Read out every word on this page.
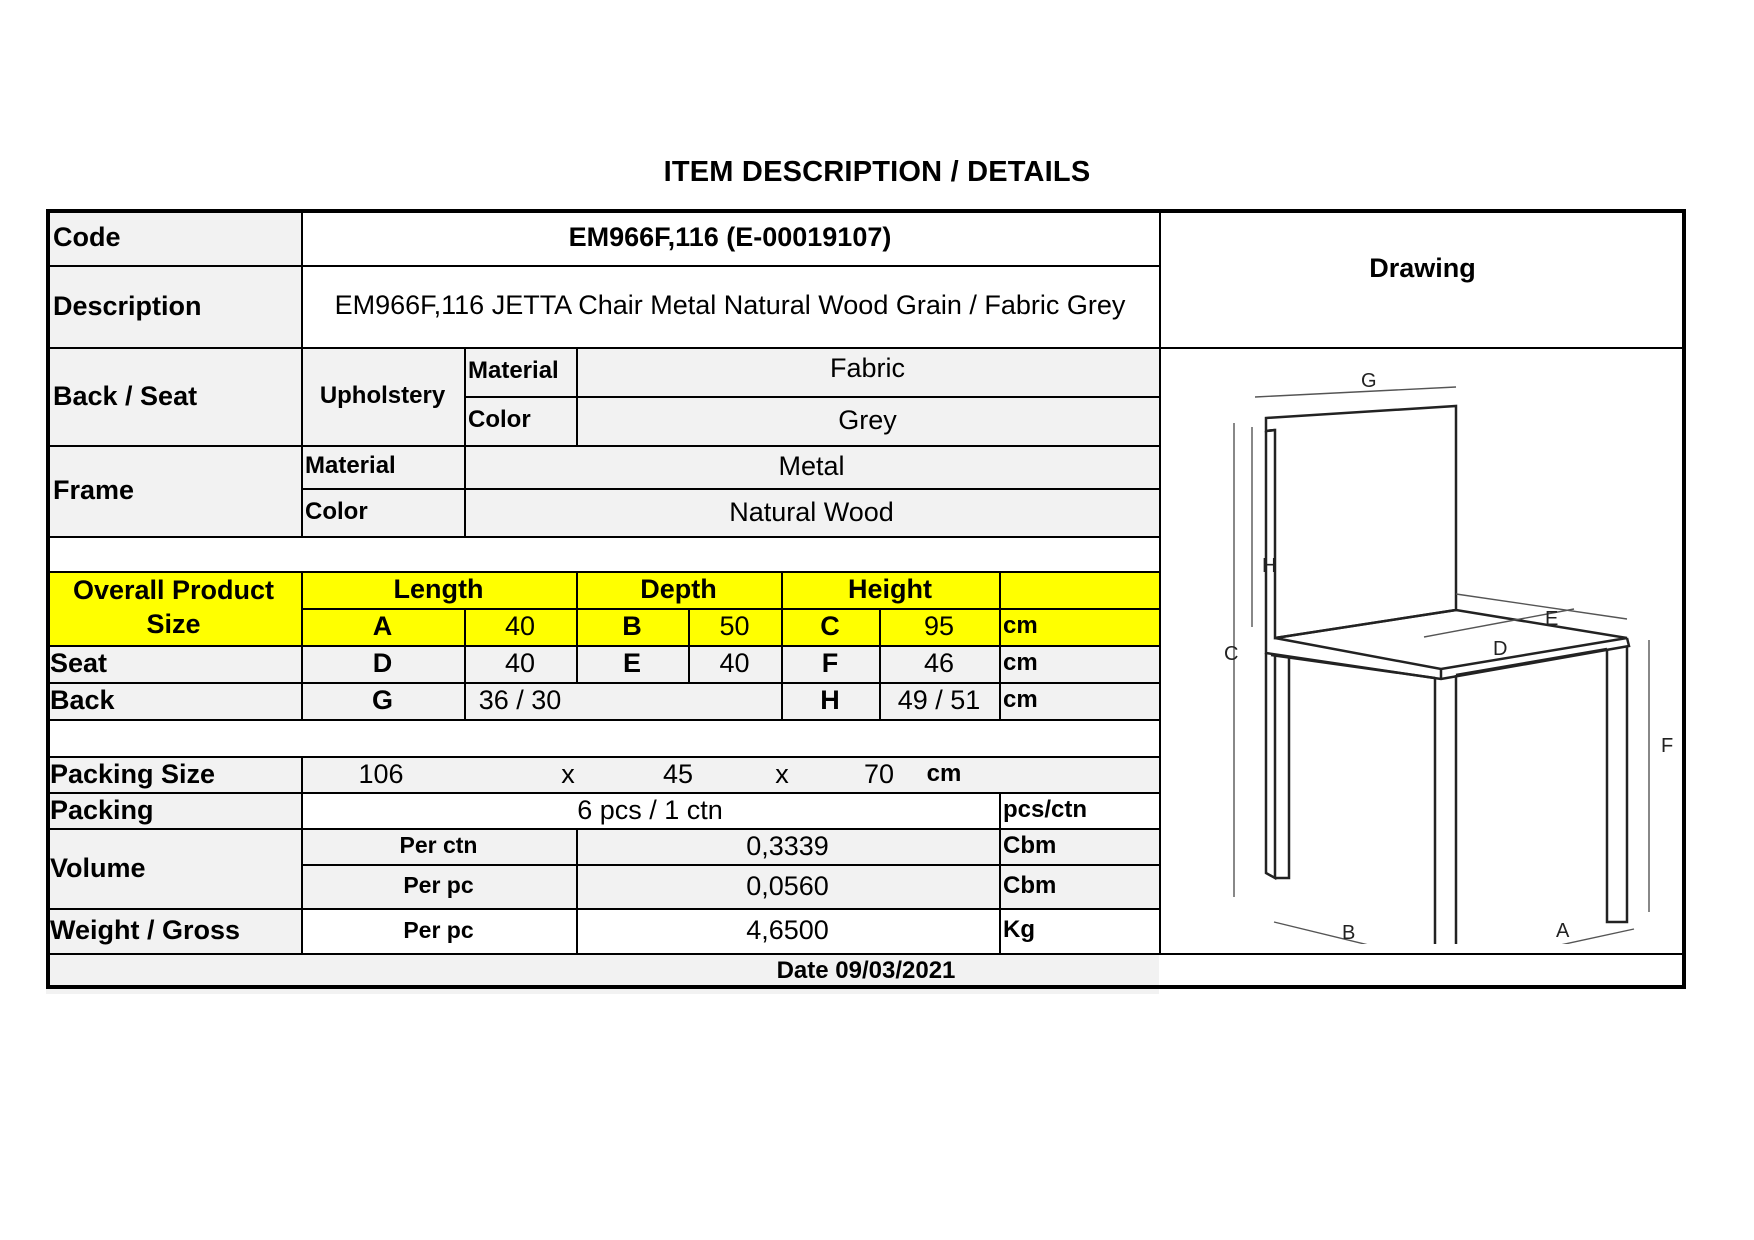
ITEM DESCRIPTION / DETAILS
Code	EM966F,116 (E-00019107)
Drawing
Description	EM966F,116 JETTA Chair Metal Natural Wood Grain / Fabric Grey
Back / Seat	Upholstery
Material	Fabric
Color	Grey
Frame
Material	Metal
Color	Natural Wood
Overall Product Size
Length	Depth	Height
A	40	B	50	C	95	cm
Seat	D	40	E	40	F	46	cm
Back	G	36 / 30	H	49 / 51 cm
Packing Size	106	x	45	x	70	cm
Packing	6 pcs / 1 ctn	pcs/ctn
Volume
Per ctn	0,3339	Cbm
Per pc	0,0560	Cbm
Weight / Gross	Per pc	4,6500	Kg
Date 09/03/2021
G
C
H
E
D
F
B	A
